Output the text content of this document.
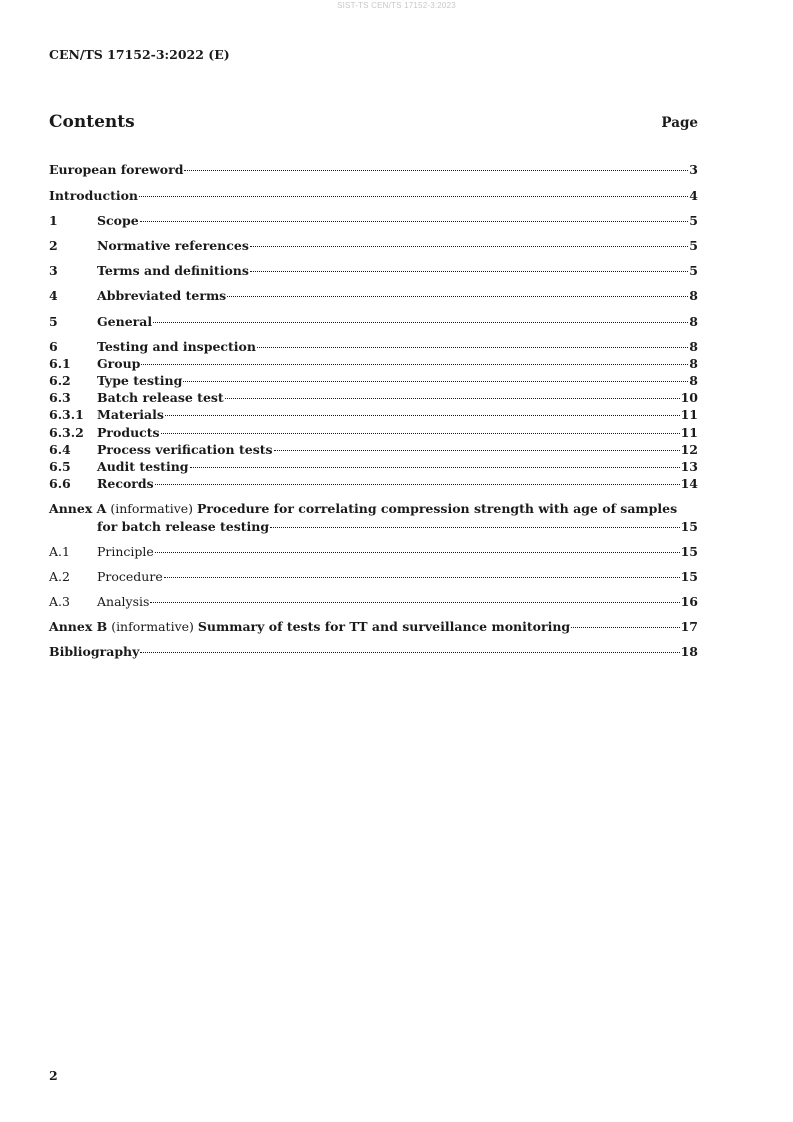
SIST-TS CEN/TS 17152-3:2023
CEN/TS 17152-3:2022 (E)
Contents	Page
European foreword	3
Introduction	4
1	Scope	5
2	Normative references	5
3	Terms and definitions	5
4	Abbreviated terms	8
5	General	8
6	Testing and inspection	8
6.1	Group	8
6.2	Type testing	8
6.3	Batch release test	10
6.3.1	Materials	11
6.3.2	Products	11
6.4	Process verification tests	12
6.5	Audit testing	13
6.6	Records	14
Annex A (informative) Procedure for correlating compression strength with age of samples
for batch release testing	15
A.1	Principle	15
A.2	Procedure	15
A.3	Analysis	16
Annex B (informative) Summary of tests for TT and surveillance monitoring	17
Bibliography	18
2
